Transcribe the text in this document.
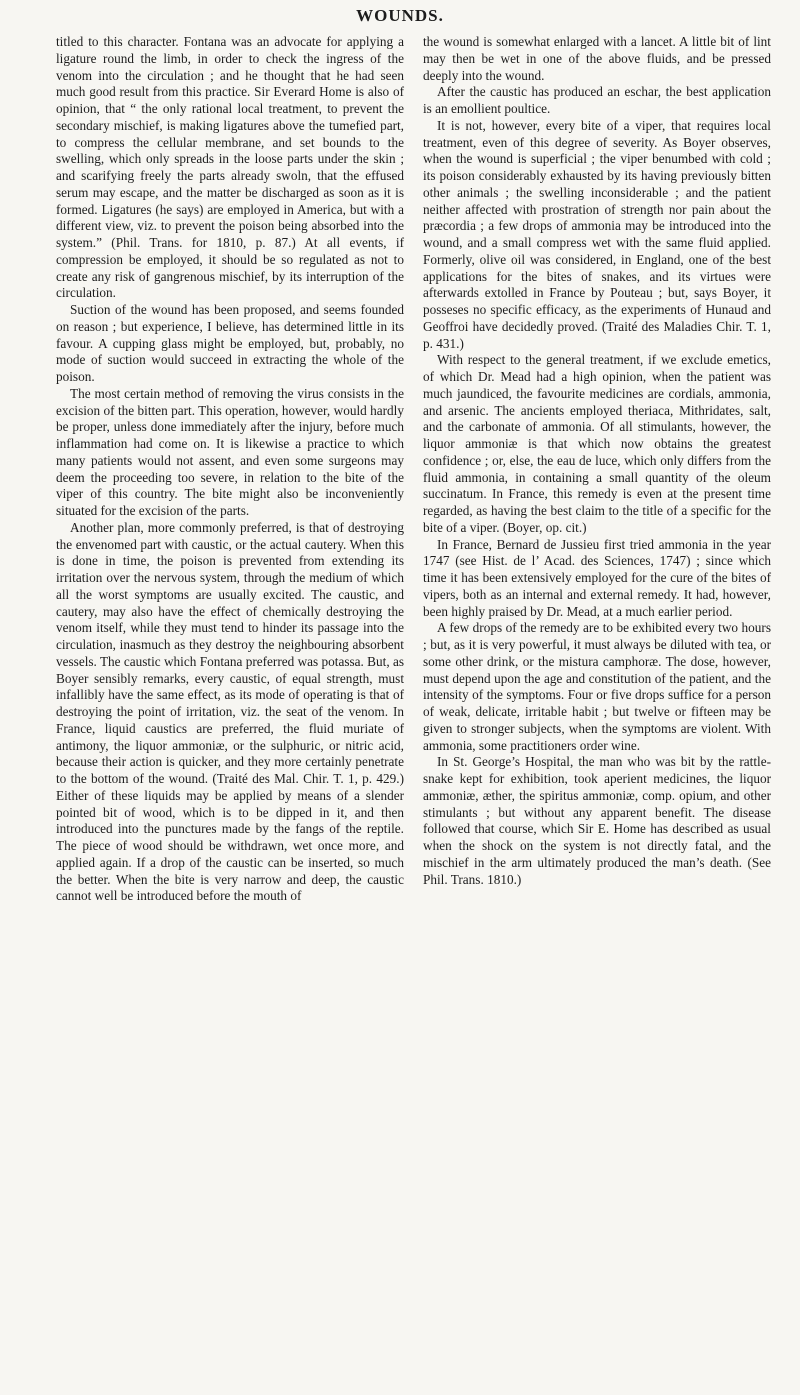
WOUNDS.

titled to this character. Fontana was an advocate for applying a ligature round the limb, in order to check the ingress of the venom into the circulation ; and he thought that he had seen much good result from this practice. Sir Everard Home is also of opinion, that “ the only rational local treatment, to prevent the secondary mischief, is making ligatures above the tumefied part, to compress the cellular membrane, and set bounds to the swelling, which only spreads in the loose parts under the skin ; and scarifying freely the parts already swoln, that the effused serum may escape, and the matter be discharged as soon as it is formed. Ligatures (he says) are employed in America, but with a different view, viz. to prevent the poison being absorbed into the system.” (Phil. Trans. for 1810, p. 87.) At all events, if compression be employed, it should be so regulated as not to create any risk of gangrenous mischief, by its interruption of the circulation.

Suction of the wound has been proposed, and seems founded on reason ; but experience, I believe, has determined little in its favour. A cupping glass might be employed, but, probably, no mode of suction would succeed in extracting the whole of the poison.

The most certain method of removing the virus consists in the excision of the bitten part. This operation, however, would hardly be proper, unless done immediately after the injury, before much inflammation had come on. It is likewise a practice to which many patients would not assent, and even some surgeons may deem the proceeding too severe, in relation to the bite of the viper of this country. The bite might also be inconveniently situated for the excision of the parts.

Another plan, more commonly preferred, is that of destroying the envenomed part with caustic, or the actual cautery. When this is done in time, the poison is prevented from extending its irritation over the nervous system, through the medium of which all the worst symptoms are usually excited. The caustic, and cautery, may also have the effect of chemically destroying the venom itself, while they must tend to hinder its passage into the circulation, inasmuch as they destroy the neighbouring absorbent vessels. The caustic which Fontana preferred was potassa. But, as Boyer sensibly remarks, every caustic, of equal strength, must infallibly have the same effect, as its mode of operating is that of destroying the point of irritation, viz. the seat of the venom. In France, liquid caustics are preferred, the fluid muriate of antimony, the liquor ammoniæ, or the sulphuric, or nitric acid, because their action is quicker, and they more certainly penetrate to the bottom of the wound. (Traité des Mal. Chir. T. 1, p. 429.) Either of these liquids may be applied by means of a slender pointed bit of wood, which is to be dipped in it, and then introduced into the punctures made by the fangs of the reptile. The piece of wood should be withdrawn, wet once more, and applied again. If a drop of the caustic can be inserted, so much the better. When the bite is very narrow and deep, the caustic cannot well be introduced before the mouth of

the wound is somewhat enlarged with a lancet. A little bit of lint may then be wet in one of the above fluids, and be pressed deeply into the wound.

After the caustic has produced an eschar, the best application is an emollient poultice.

It is not, however, every bite of a viper, that requires local treatment, even of this degree of severity. As Boyer observes, when the wound is superficial ; the viper benumbed with cold ; its poison considerably exhausted by its having previously bitten other animals ; the swelling inconsiderable ; and the patient neither affected with prostration of strength nor pain about the præcordia ; a few drops of ammonia may be introduced into the wound, and a small compress wet with the same fluid applied. Formerly, olive oil was considered, in England, one of the best applications for the bites of snakes, and its virtues were afterwards extolled in France by Pouteau ; but, says Boyer, it posseses no specific efficacy, as the experiments of Hunaud and Geoffroi have decidedly proved. (Traité des Maladies Chir. T. 1, p. 431.)

With respect to the general treatment, if we exclude emetics, of which Dr. Mead had a high opinion, when the patient was much jaundiced, the favourite medicines are cordials, ammonia, and arsenic. The ancients employed theriaca, Mithridates, salt, and the carbonate of ammonia. Of all stimulants, however, the liquor ammoniæ is that which now obtains the greatest confidence ; or, else, the eau de luce, which only differs from the fluid ammonia, in containing a small quantity of the oleum succinatum. In France, this remedy is even at the present time regarded, as having the best claim to the title of a specific for the bite of a viper. (Boyer, op. cit.)

In France, Bernard de Jussieu first tried ammonia in the year 1747 (see Hist. de l’ Acad. des Sciences, 1747) ; since which time it has been extensively employed for the cure of the bites of vipers, both as an internal and external remedy. It had, however, been highly praised by Dr. Mead, at a much earlier period.

A few drops of the remedy are to be exhibited every two hours ; but, as it is very powerful, it must always be diluted with tea, or some other drink, or the mistura camphoræ. The dose, however, must depend upon the age and constitution of the patient, and the intensity of the symptoms. Four or five drops suffice for a person of weak, delicate, irritable habit ; but twelve or fifteen may be given to stronger subjects, when the symptoms are violent. With ammonia, some practitioners order wine.

In St. George’s Hospital, the man who was bit by the rattle-snake kept for exhibition, took aperient medicines, the liquor ammoniæ, æther, the spiritus ammoniæ, comp. opium, and other stimulants ; but without any apparent benefit. The disease followed that course, which Sir E. Home has described as usual when the shock on the system is not directly fatal, and the mischief in the arm ultimately produced the man’s death. (See Phil. Trans. 1810.)
